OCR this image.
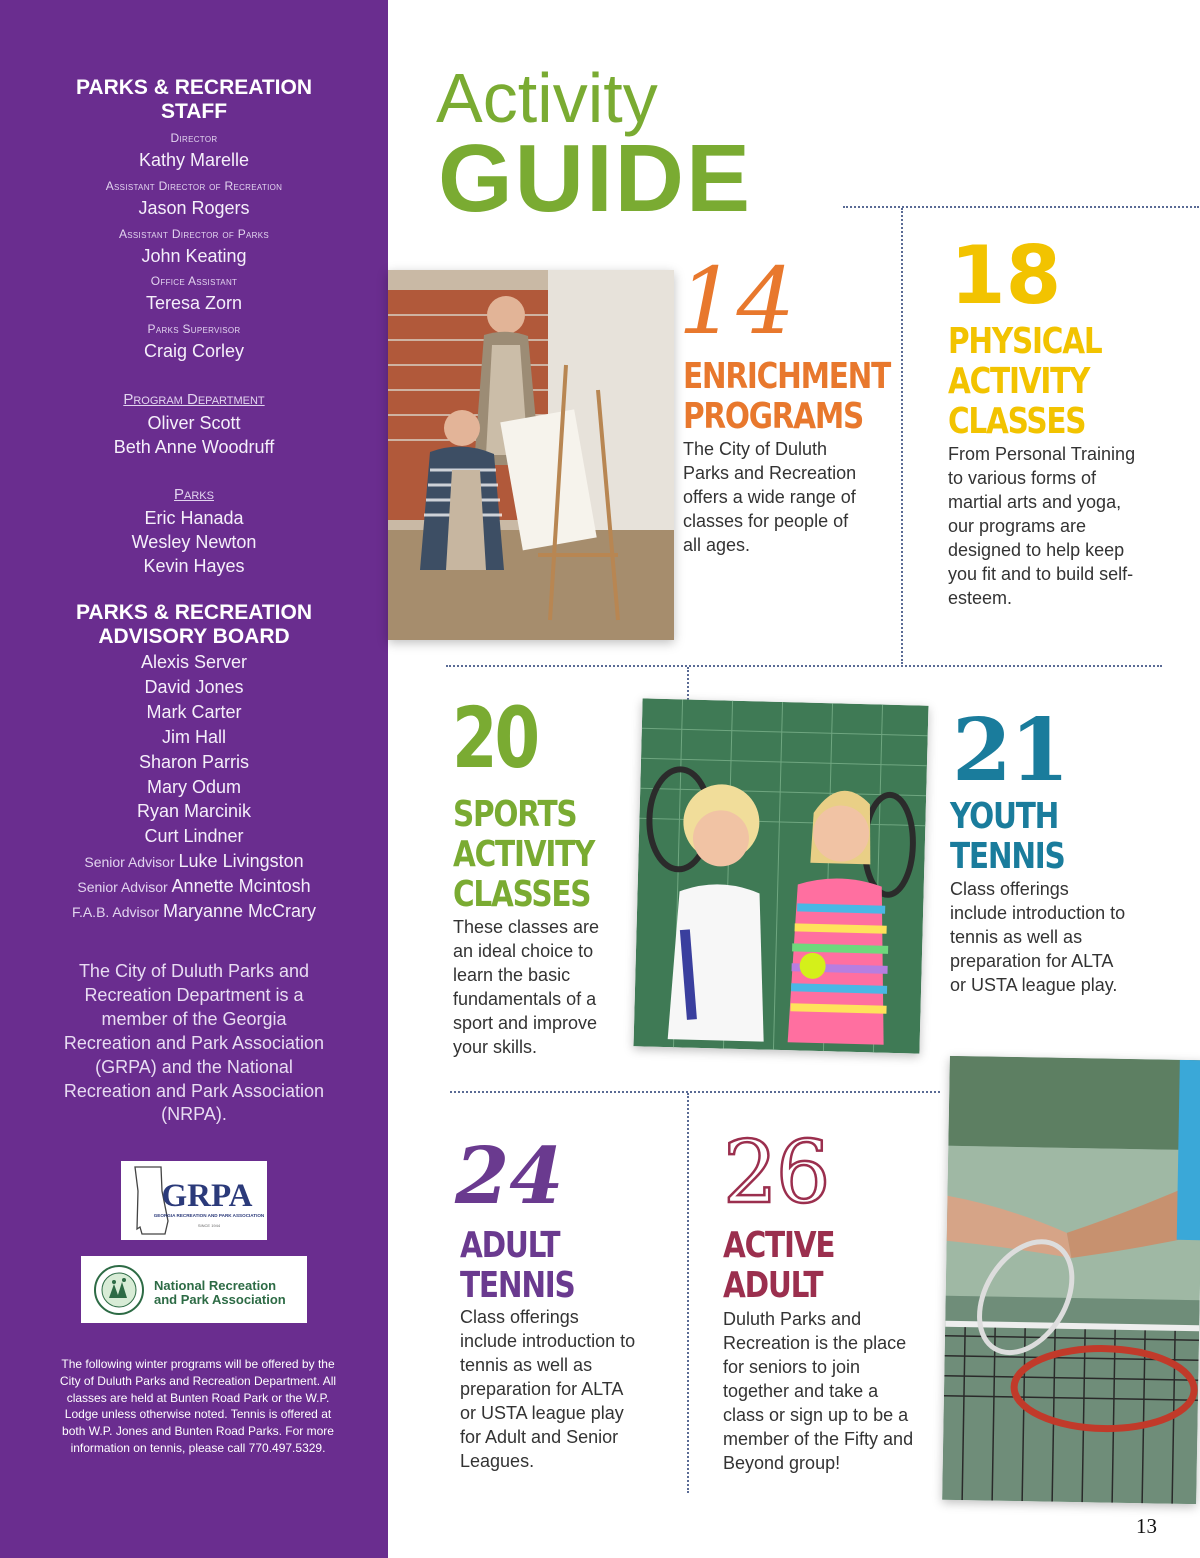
PARKS & RECREATION
STAFF
Director
Kathy Marelle
Assistant Director of Recreation
Jason Rogers
Assistant Director of Parks
John Keating
Office Assistant
Teresa Zorn
Parks Supervisor
Craig Corley
Program Department
Oliver Scott
Beth Anne Woodruff
Parks
Eric Hanada
Wesley Newton
Kevin Hayes
PARKS & RECREATION
ADVISORY BOARD
Alexis Server
David Jones
Mark Carter
Jim Hall
Sharon Parris
Mary Odum
Ryan Marcinik
Curt Lindner
Senior Advisor Luke Livingston
Senior Advisor Annette Mcintosh
F.A.B. Advisor Maryanne McCrary

The City of Duluth Parks and Recreation Department is a member of the Georgia Recreation and Park Association (GRPA) and the National Recreation and Park Association (NRPA).

GRPA
GEORGIA RECREATION AND PARK ASSOCIATION
SINCE 1944
National Recreation
and Park Association

The following winter programs will be offered by the City of Duluth Parks and Recreation Department. All classes are held at Bunten Road Park or the W.P. Lodge unless otherwise noted. Tennis is offered at both W.P. Jones and Bunten Road Parks. For more information on tennis, please call 770.497.5329.

Activity
GUIDE
14
ENRICHMENT
PROGRAMS

The City of Duluth Parks and Recreation offers a wide range of classes for people of all ages.

18
PHYSICAL
ACTIVITY
CLASSES

From Personal Training to various forms of martial arts and yoga, our programs are designed to help keep you fit and to build self-esteem.

20
SPORTS
ACTIVITY
CLASSES

These classes are an ideal choice to learn the basic fundamentals of a sport and improve your skills.

21
YOUTH
TENNIS

Class offerings include introduction to tennis as well as preparation for ALTA or USTA league play.

24
ADULT
TENNIS

Class offerings include introduction to tennis as well as preparation for ALTA or USTA league play for Adult and Senior Leagues.

26
ACTIVE
ADULT

Duluth Parks and Recreation is the place for seniors to join together and take a class or sign up to be a member of the Fifty and Beyond group!

13
